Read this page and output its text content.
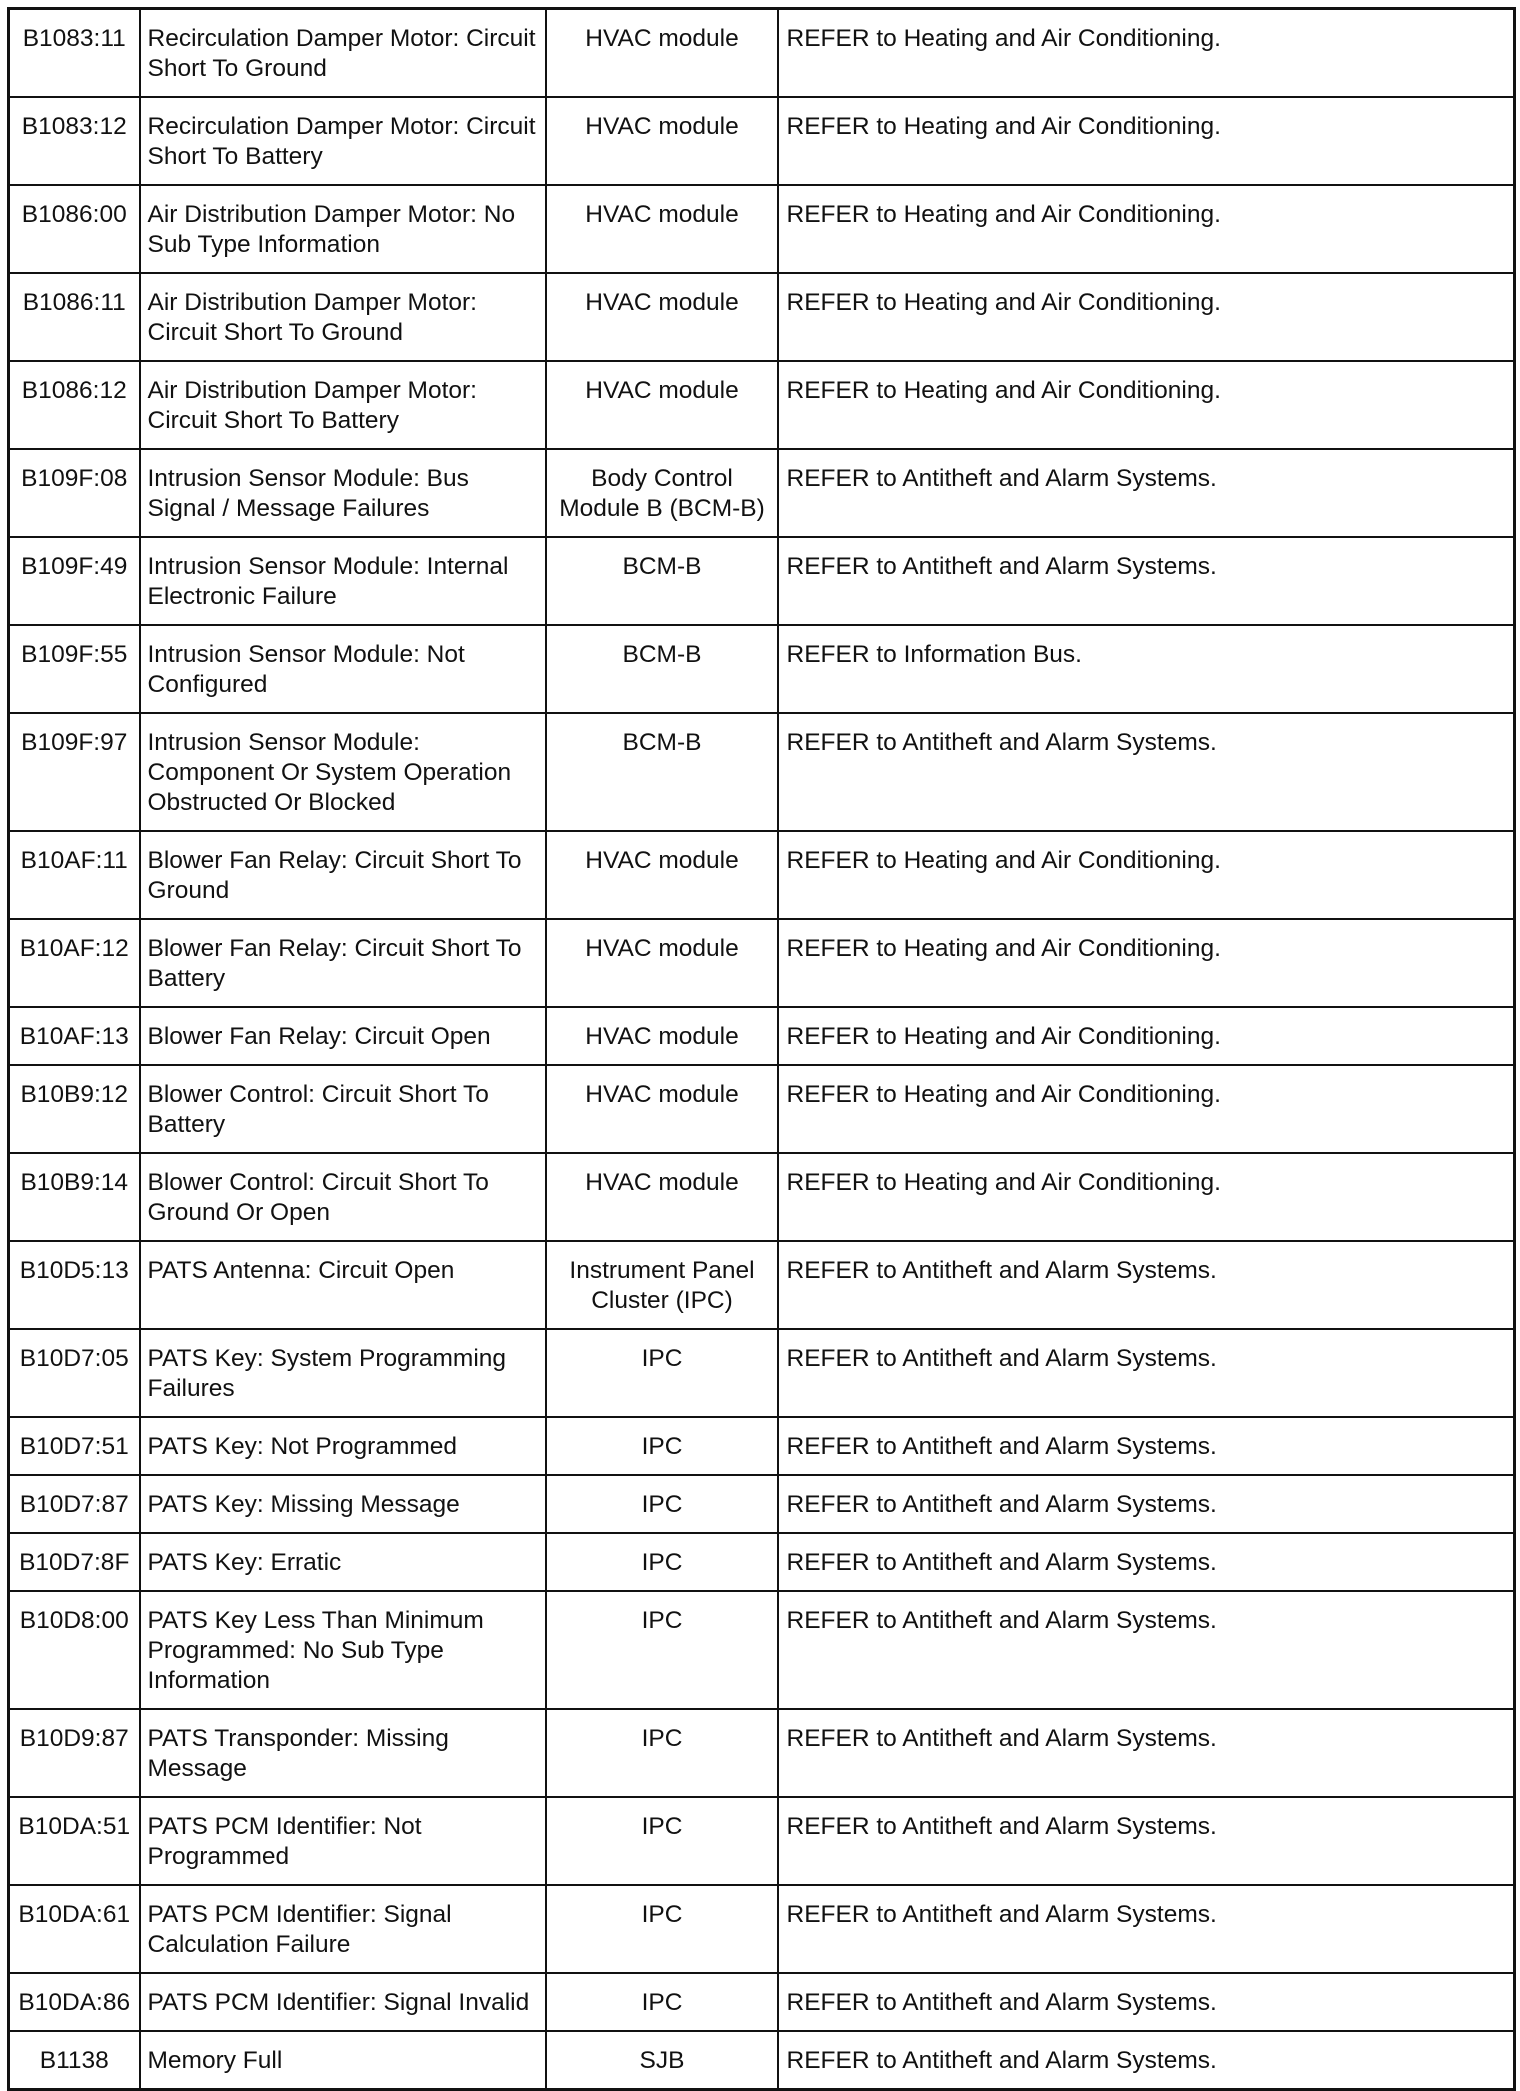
B1083:11	Recirculation Damper Motor: Circuit Short To Ground	HVAC module	REFER to Heating and Air Conditioning.
B1083:12	Recirculation Damper Motor: Circuit Short To Battery	HVAC module	REFER to Heating and Air Conditioning.
B1086:00	Air Distribution Damper Motor: No Sub Type Information	HVAC module	REFER to Heating and Air Conditioning.
B1086:11	Air Distribution Damper Motor: Circuit Short To Ground	HVAC module	REFER to Heating and Air Conditioning.
B1086:12	Air Distribution Damper Motor: Circuit Short To Battery	HVAC module	REFER to Heating and Air Conditioning.
B109F:08	Intrusion Sensor Module: Bus Signal / Message Failures	Body Control Module B (BCM-B)	REFER to Antitheft and Alarm Systems.
B109F:49	Intrusion Sensor Module: Internal Electronic Failure	BCM-B	REFER to Antitheft and Alarm Systems.
B109F:55	Intrusion Sensor Module: Not Configured	BCM-B	REFER to Information Bus.
B109F:97	Intrusion Sensor Module: Component Or System Operation Obstructed Or Blocked	BCM-B	REFER to Antitheft and Alarm Systems.
B10AF:11	Blower Fan Relay: Circuit Short To Ground	HVAC module	REFER to Heating and Air Conditioning.
B10AF:12	Blower Fan Relay: Circuit Short To Battery	HVAC module	REFER to Heating and Air Conditioning.
B10AF:13	Blower Fan Relay: Circuit Open	HVAC module	REFER to Heating and Air Conditioning.
B10B9:12	Blower Control: Circuit Short To Battery	HVAC module	REFER to Heating and Air Conditioning.
B10B9:14	Blower Control: Circuit Short To Ground Or Open	HVAC module	REFER to Heating and Air Conditioning.
B10D5:13	PATS Antenna: Circuit Open	Instrument Panel Cluster (IPC)	REFER to Antitheft and Alarm Systems.
B10D7:05	PATS Key: System Programming Failures	IPC	REFER to Antitheft and Alarm Systems.
B10D7:51	PATS Key: Not Programmed	IPC	REFER to Antitheft and Alarm Systems.
B10D7:87	PATS Key: Missing Message	IPC	REFER to Antitheft and Alarm Systems.
B10D7:8F	PATS Key: Erratic	IPC	REFER to Antitheft and Alarm Systems.
B10D8:00	PATS Key Less Than Minimum Programmed: No Sub Type Information	IPC	REFER to Antitheft and Alarm Systems.
B10D9:87	PATS Transponder: Missing Message	IPC	REFER to Antitheft and Alarm Systems.
B10DA:51	PATS PCM Identifier: Not Programmed	IPC	REFER to Antitheft and Alarm Systems.
B10DA:61	PATS PCM Identifier: Signal Calculation Failure	IPC	REFER to Antitheft and Alarm Systems.
B10DA:86	PATS PCM Identifier: Signal Invalid	IPC	REFER to Antitheft and Alarm Systems.
B1138	Memory Full	SJB	REFER to Antitheft and Alarm Systems.
